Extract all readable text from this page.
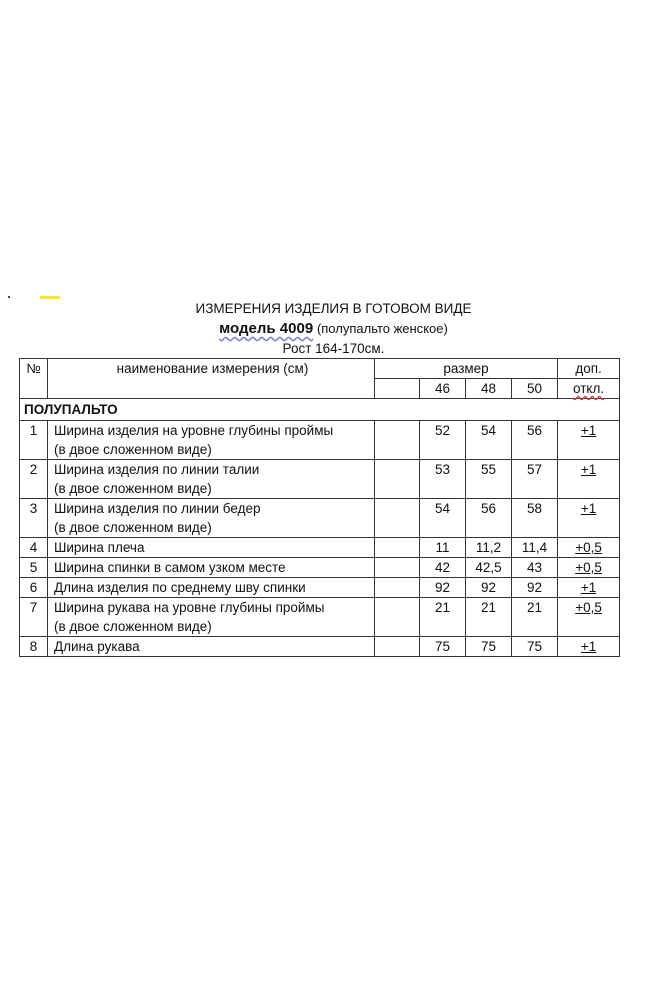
ИЗМЕРЕНИЯ ИЗДЕЛИЯ В ГОТОВОМ ВИДЕ
модель 4009 (полупальто женское)
Рост 164-170см.
№	наименование измерения (см)	размер				доп.
			46	48	50	откл.
ПОЛУПАЛЬТО						
1	Ширина изделия на уровне глубины проймы
(в двое сложенном виде)		52	54	56	+1
2	Ширина изделия по линии талии
(в двое сложенном виде)		53	55	57	+1
3	Ширина изделия по линии бедер
(в двое сложенном виде)		54	56	58	+1
4	Ширина плеча		11	11,2	11,4	+0,5
5	Ширина спинки в самом узком месте		42	42,5	43	+0,5
6	Длина изделия по среднему шву спинки		92	92	92	+1
7	Ширина рукава на уровне глубины проймы
(в двое сложенном виде)		21	21	21	+0,5
8	Длина рукава		75	75	75	+1
